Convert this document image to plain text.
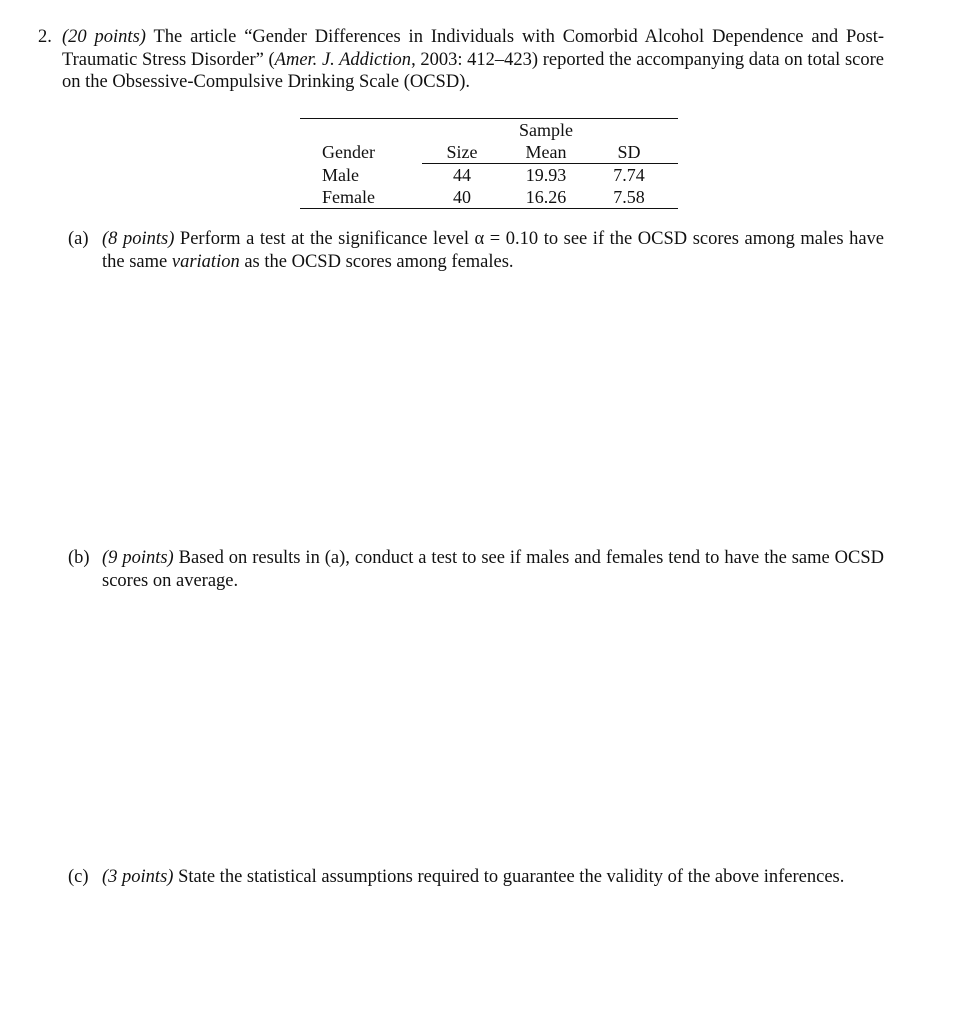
2. (20 points) The article “Gender Differences in Individuals with Comorbid Alcohol Dependence and Post- Traumatic Stress Disorder” (Amer. J. Addiction, 2003: 412–423) reported the accompanying data on total score on the Obsessive-Compulsive Drinking Scale (OCSD).
		Sample	
Gender	Size	Mean	SD
Male	44	19.93	7.74
Female	40	16.26	7.58
(a) (8 points) Perform a test at the significance level α = 0.10 to see if the OCSD scores among males have the same variation as the OCSD scores among females.
(b) (9 points) Based on results in (a), conduct a test to see if males and females tend to have the same OCSD scores on average.
(c) (3 points) State the statistical assumptions required to guarantee the validity of the above inferences.
